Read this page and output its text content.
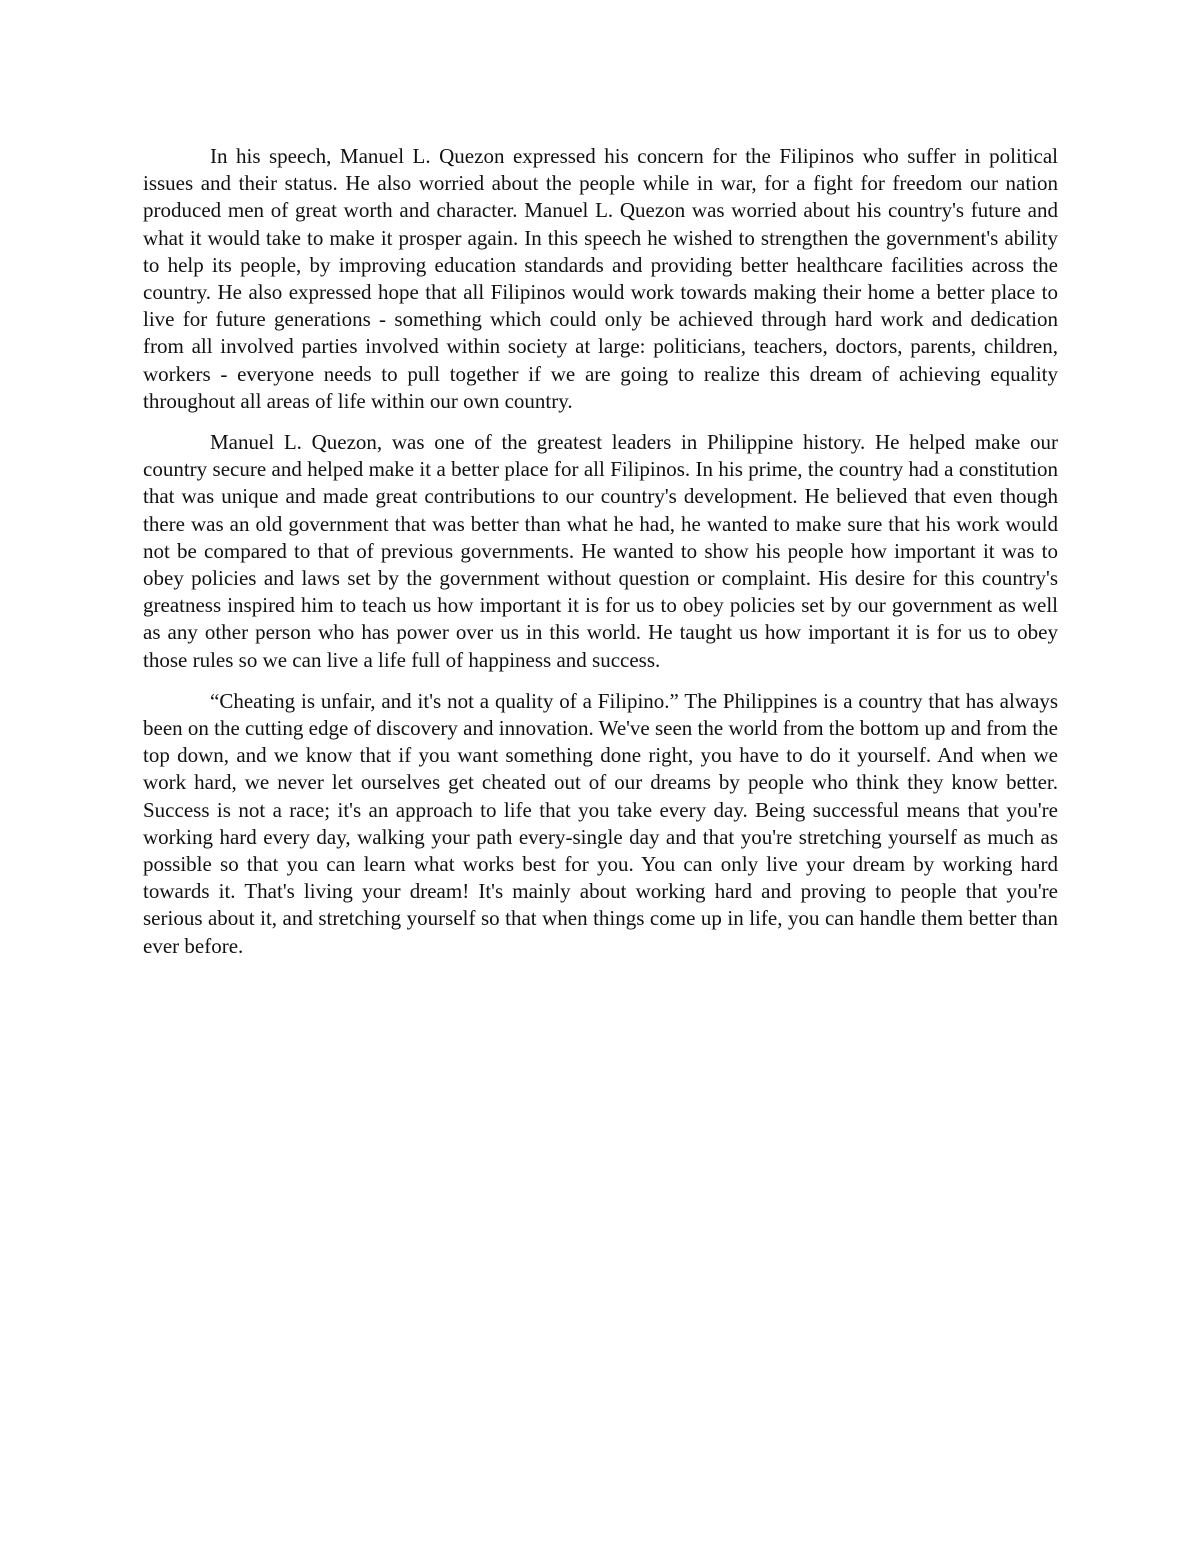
In his speech, Manuel L. Quezon expressed his concern for the Filipinos who suffer in political issues and their status. He also worried about the people while in war, for a fight for freedom our nation produced men of great worth and character. Manuel L. Quezon was worried about his country's future and what it would take to make it prosper again. In this speech he wished to strengthen the government's ability to help its people, by improving education standards and providing better healthcare facilities across the country. He also expressed hope that all Filipinos would work towards making their home a better place to live for future generations - something which could only be achieved through hard work and dedication from all involved parties involved within society at large: politicians, teachers, doctors, parents, children, workers - everyone needs to pull together if we are going to realize this dream of achieving equality throughout all areas of life within our own country.

Manuel L. Quezon, was one of the greatest leaders in Philippine history. He helped make our country secure and helped make it a better place for all Filipinos. In his prime, the country had a constitution that was unique and made great contributions to our country's development. He believed that even though there was an old government that was better than what he had, he wanted to make sure that his work would not be compared to that of previous governments. He wanted to show his people how important it was to obey policies and laws set by the government without question or complaint. His desire for this country's greatness inspired him to teach us how important it is for us to obey policies set by our government as well as any other person who has power over us in this world. He taught us how important it is for us to obey those rules so we can live a life full of happiness and success.

“Cheating is unfair, and it's not a quality of a Filipino.” The Philippines is a country that has always been on the cutting edge of discovery and innovation. We've seen the world from the bottom up and from the top down, and we know that if you want something done right, you have to do it yourself. And when we work hard, we never let ourselves get cheated out of our dreams by people who think they know better. Success is not a race; it's an approach to life that you take every day. Being successful means that you're working hard every day, walking your path every-single day and that you're stretching yourself as much as possible so that you can learn what works best for you. You can only live your dream by working hard towards it. That's living your dream! It's mainly about working hard and proving to people that you're serious about it, and stretching yourself so that when things come up in life, you can handle them better than ever before.
